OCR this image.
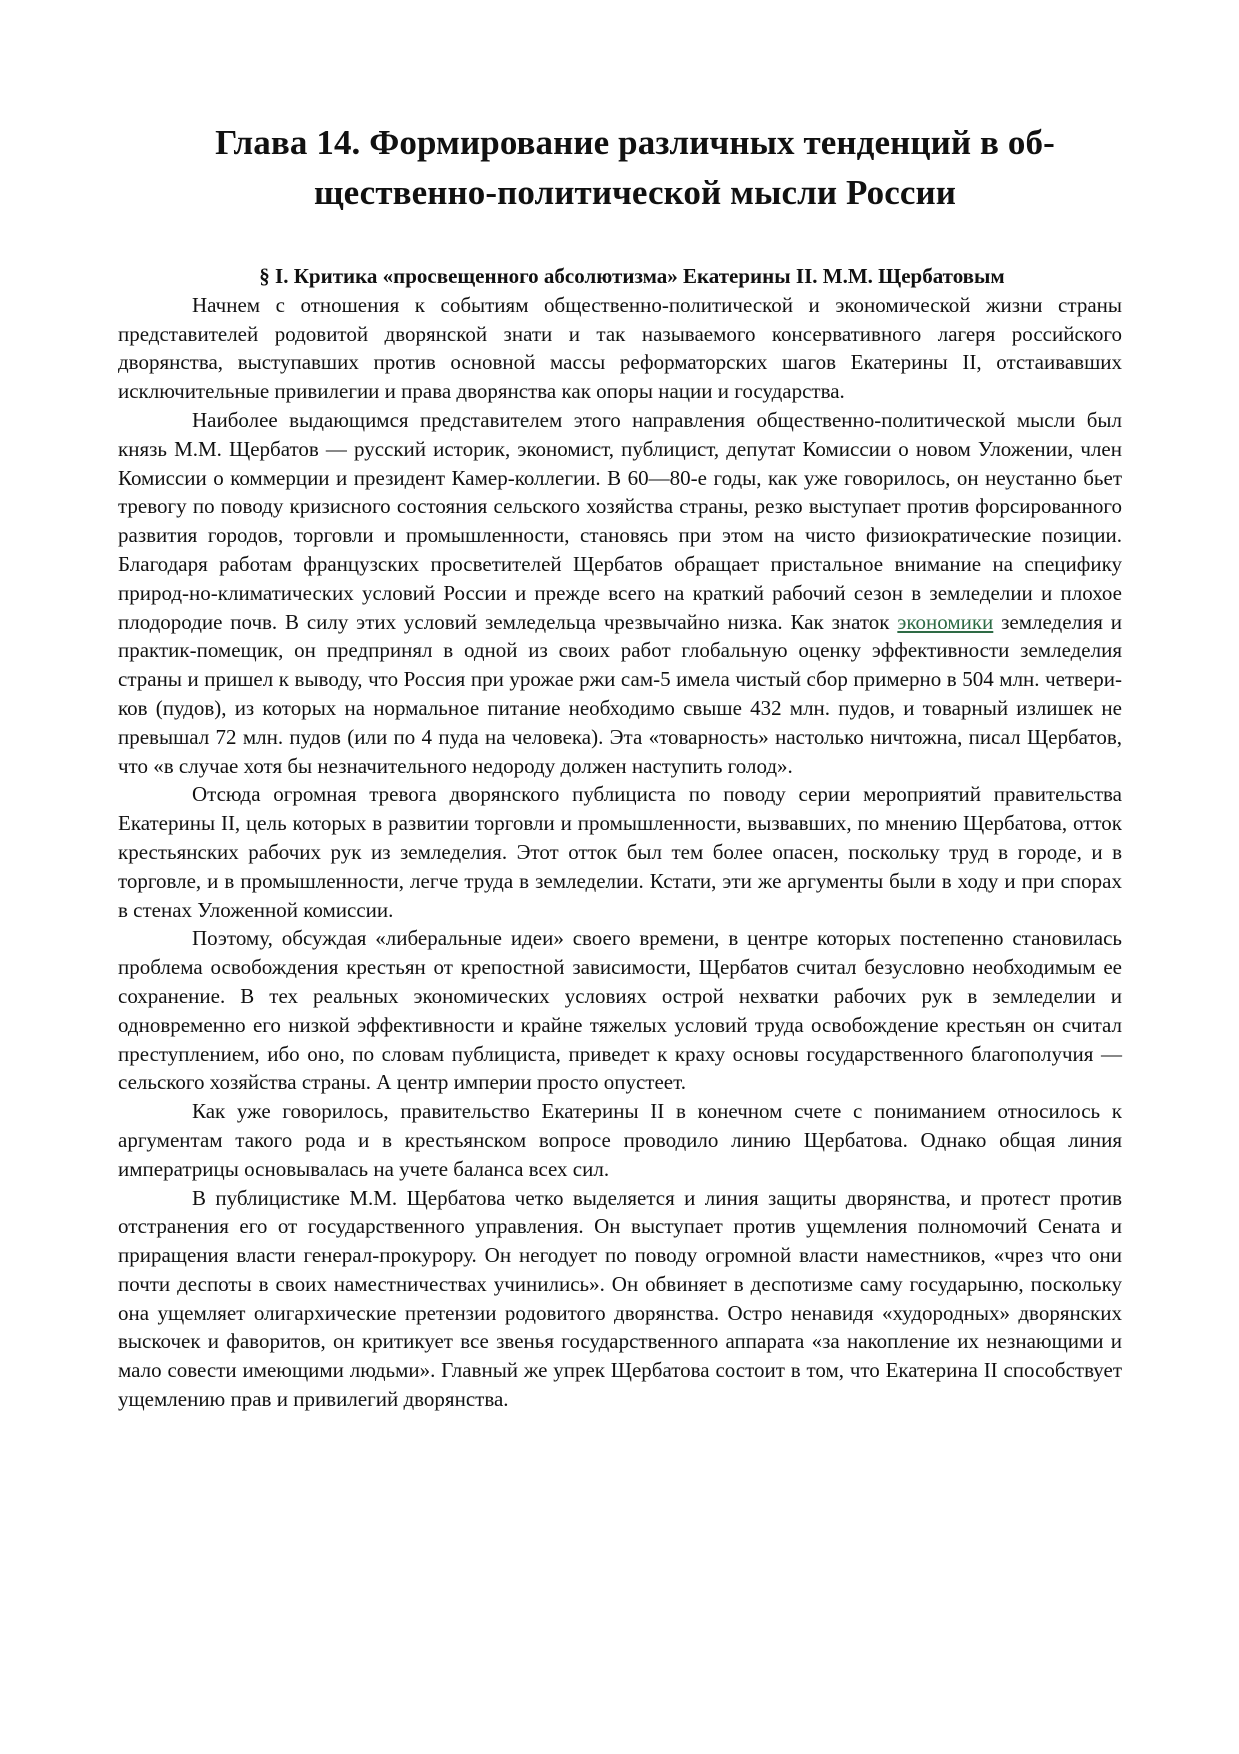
Глава 14. Формирование различных тенденций в об-
щественно-политической мысли России

§ I. Критика «просвещенного абсолютизма» Екатерины II. М.М. Щербатовым

Начнем с отношения к событиям общественно-политической и экономической жизни страны представителей родовитой дворянской знати и так называемого консервативного лагеря российского дворянства, выступавших против основной массы реформаторских шагов Екатерины II, отстаивавших исключительные привилегии и права дворянства как опоры нации и государства.

Наиболее выдающимся представителем этого направления общественно-политической мысли был князь М.М. Щербатов — русский историк, экономист, публицист, депутат Комиссии о новом Уложении, член Комиссии о коммерции и президент Камер-коллегии. В 60—80-е годы, как уже говорилось, он неустанно бьет тревогу по поводу кризисного состояния сельского хозяйства страны, резко выступает против форсированного развития городов, торговли и промышленности, становясь при этом на чисто физиократические позиции. Благодаря работам французских просветителей Щербатов обращает пристальное внимание на специфику природ-но-климатических условий России и прежде всего на краткий рабочий сезон в земледелии и плохое плодородие почв. В силу этих условий земледельца чрезвычайно низка. Как знаток экономики земледелия и практик-помещик, он предпринял в одной из своих работ глобальную оценку эффективности земледелия страны и пришел к выводу, что Россия при урожае ржи сам-5 имела чистый сбор примерно в 504 млн. четвериков (пудов), из которых на нормальное питание необходимо свыше 432 млн. пудов, и товарный излишек не превышал 72 млн. пудов (или по 4 пуда на человека). Эта «товарность» настолько ничтожна, писал Щербатов, что «в случае хотя бы незначительного недороду должен наступить голод».

Отсюда огромная тревога дворянского публициста по поводу серии мероприятий правительства Екатерины II, цель которых в развитии торговли и промышленности, вызвавших, по мнению Щербатова, отток крестьянских рабочих рук из земледелия. Этот отток был тем более опасен, поскольку труд в городе, и в торговле, и в промышленности, легче труда в земледелии. Кстати, эти же аргументы были в ходу и при спорах в стенах Уложенной комиссии.

Поэтому, обсуждая «либеральные идеи» своего времени, в центре которых постепенно становилась проблема освобождения крестьян от крепостной зависимости, Щербатов считал безусловно необходимым ее сохранение. В тех реальных экономических условиях острой нехватки рабочих рук в земледелии и одновременно его низкой эффективности и крайне тяжелых условий труда освобождение крестьян он считал преступлением, ибо оно, по словам публициста, приведет к краху основы государственного благополучия — сельского хозяйства страны. А центр империи просто опустеет.

Как уже говорилось, правительство Екатерины II в конечном счете с пониманием относилось к аргументам такого рода и в крестьянском вопросе проводило линию Щербатова. Однако общая линия императрицы основывалась на учете баланса всех сил.

В публицистике М.М. Щербатова четко выделяется и линия защиты дворянства, и протест против отстранения его от государственного управления. Он выступает против ущемления полномочий Сената и приращения власти генерал-прокурору. Он негодует по поводу огромной власти наместников, «чрез что они почти деспоты в своих наместничествах учинились». Он обвиняет в деспотизме саму государыню, поскольку она ущемляет олигархические претензии родовитого дворянства. Остро ненавидя «худородных» дворянских выскочек и фаворитов, он критикует все звенья государственного аппарата «за накопление их незнающими и мало совести имеющими людьми». Главный же упрек Щербатова состоит в том, что Екатерина II способствует ущемлению прав и привилегий дворянства.
